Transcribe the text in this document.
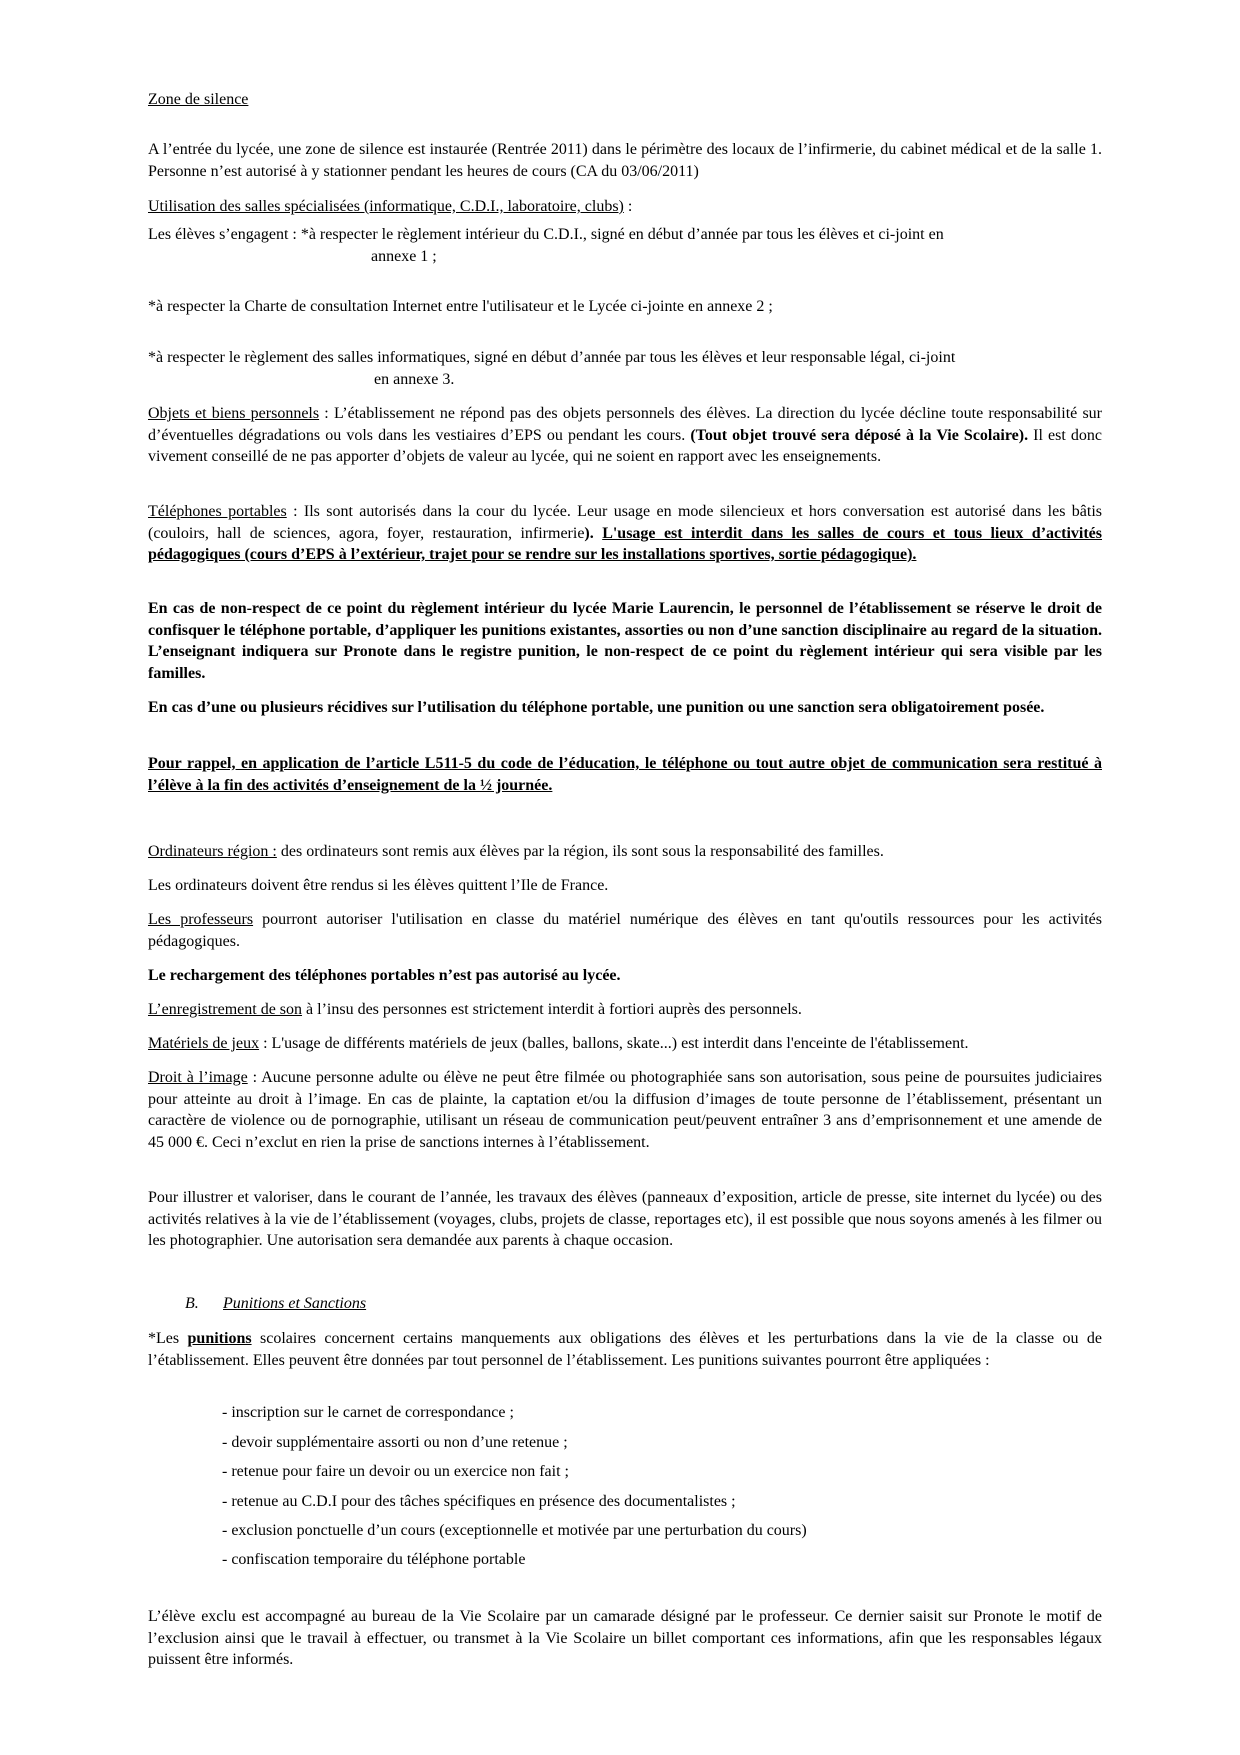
Zone de silence

A l’entrée du lycée, une zone de silence est instaurée (Rentrée 2011) dans le périmètre des locaux de l’infirmerie, du cabinet médical et de la salle 1. Personne n’est autorisé à y stationner pendant les heures de cours (CA du 03/06/2011)

Utilisation des salles spécialisées (informatique, C.D.I., laboratoire, clubs) :

Les élèves s’engagent : *à respecter le règlement intérieur du C.D.I., signé en début d’année par tous les élèves et ci-joint en

annexe 1 ;

*à respecter la Charte de consultation Internet entre l'utilisateur et le Lycée ci-jointe en annexe 2 ;

*à respecter le règlement des salles informatiques, signé en début d’année par tous les élèves et leur responsable légal, ci-joint

en annexe 3.

Objets et biens personnels : L’établissement ne répond pas des objets personnels des élèves. La direction du lycée décline toute responsabilité sur d’éventuelles dégradations ou vols dans les vestiaires d’EPS ou pendant les cours. (Tout objet trouvé sera déposé à la Vie Scolaire). Il est donc vivement conseillé de ne pas apporter d’objets de valeur au lycée, qui ne soient en rapport avec les enseignements.

Téléphones portables : Ils sont autorisés dans la cour du lycée. Leur usage en mode silencieux et hors conversation est autorisé dans les bâtis (couloirs, hall de sciences, agora, foyer, restauration, infirmerie). L'usage est interdit dans les salles de cours et tous lieux d’activités pédagogiques (cours d’EPS à l’extérieur, trajet pour se rendre sur les installations sportives, sortie pédagogique).

En cas de non-respect de ce point du règlement intérieur du lycée Marie Laurencin, le personnel de l’établissement se réserve le droit de confisquer le téléphone portable, d’appliquer les punitions existantes, assorties ou non d’une sanction disciplinaire au regard de la situation. L’enseignant indiquera sur Pronote dans le registre punition, le non-respect de ce point du règlement intérieur qui sera visible par les familles.

En cas d’une ou plusieurs récidives sur l’utilisation du téléphone portable, une punition ou une sanction sera obligatoirement posée.

Pour rappel, en application de l’article L511-5 du code de l’éducation, le téléphone ou tout autre objet de communication sera restitué à l’élève à la fin des activités d’enseignement de la ½ journée.

Ordinateurs région : des ordinateurs sont remis aux élèves par la région, ils sont sous la responsabilité des familles.

Les ordinateurs doivent être rendus si les élèves quittent l’Ile de France.

Les professeurs pourront autoriser l'utilisation en classe du matériel numérique des élèves en tant qu'outils ressources pour les activités pédagogiques.

Le rechargement des téléphones portables n’est pas autorisé au lycée.

L’enregistrement de son à l’insu des personnes est strictement interdit à fortiori auprès des personnels.

Matériels de jeux : L'usage de différents matériels de jeux (balles, ballons, skate...) est interdit dans l'enceinte de l'établissement.

Droit à l’image : Aucune personne adulte ou élève ne peut être filmée ou photographiée sans son autorisation, sous peine de poursuites judiciaires pour atteinte au droit à l’image. En cas de plainte, la captation et/ou la diffusion d’images de toute personne de l’établissement, présentant un caractère de violence ou de pornographie, utilisant un réseau de communication peut/peuvent entraîner 3 ans d’emprisonnement et une amende de 45 000 €. Ceci n’exclut en rien la prise de sanctions internes à l’établissement.

Pour illustrer et valoriser, dans le courant de l’année, les travaux des élèves (panneaux d’exposition, article de presse, site internet du lycée) ou des activités relatives à la vie de l’établissement (voyages, clubs, projets de classe, reportages etc), il est possible que nous soyons amenés à les filmer ou les photographier. Une autorisation sera demandée aux parents à chaque occasion.

B. Punitions et Sanctions

*Les punitions scolaires concernent certains manquements aux obligations des élèves et les perturbations dans la vie de la classe ou de l’établissement. Elles peuvent être données par tout personnel de l’établissement. Les punitions suivantes pourront être appliquées :

- inscription sur le carnet de correspondance ;

- devoir supplémentaire assorti ou non d’une retenue ;

- retenue pour faire un devoir ou un exercice non fait ;

- retenue au C.D.I pour des tâches spécifiques en présence des documentalistes ;

- exclusion ponctuelle d’un cours (exceptionnelle et motivée par une perturbation du cours)

- confiscation temporaire du téléphone portable

L’élève exclu est accompagné au bureau de la Vie Scolaire par un camarade désigné par le professeur. Ce dernier saisit sur Pronote le motif de l’exclusion ainsi que le travail à effectuer, ou transmet à la Vie Scolaire un billet comportant ces informations, afin que les responsables légaux puissent être informés.
